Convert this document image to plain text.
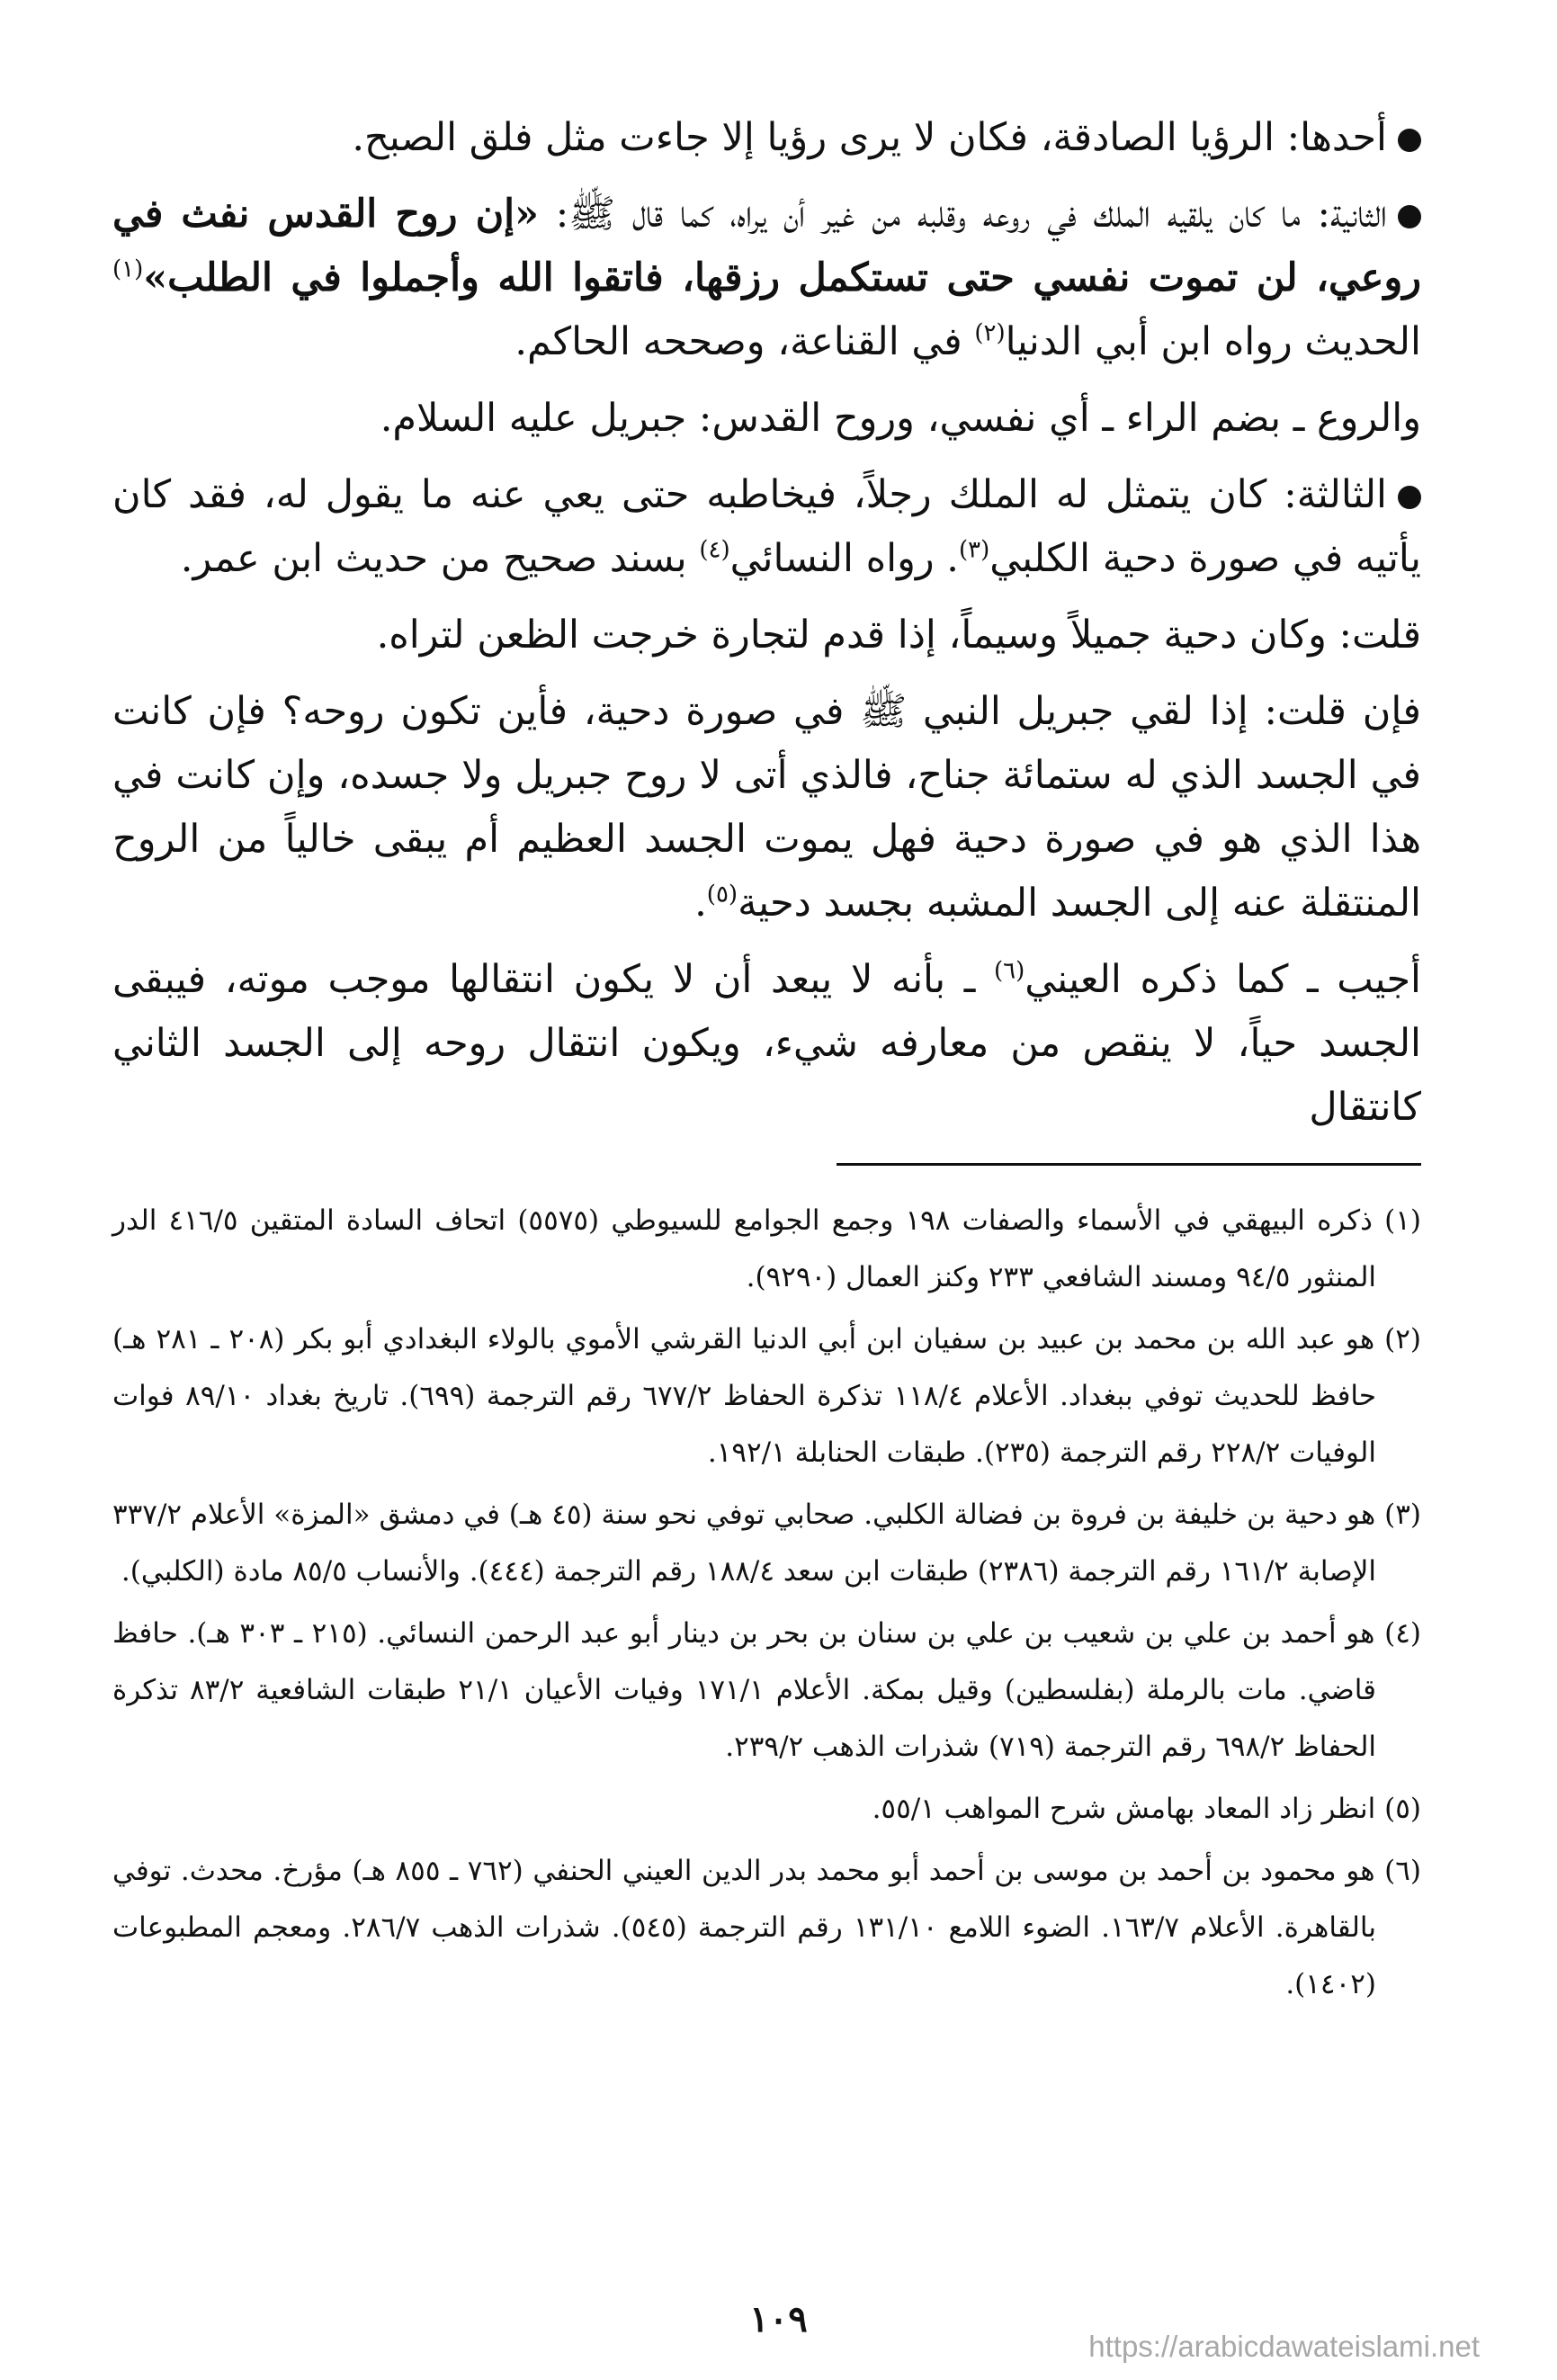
أحدها: الرؤيا الصادقة، فكان لا يرى رؤيا إلا جاءت مثل فلق الصبح.

الثانية: ما كان يلقيه الملك في روعه وقلبه من غير أن يراه، كما قال ﷺ: «إن روح القدس نفث في روعي، لن تموت نفسي حتى تستكمل رزقها، فاتقوا الله وأجملوا في الطلب»$^{(١)}$ الحديث رواه ابن أبي الدنيا$^{(٢)}$ في القناعة، وصححه الحاكم.

والروع ـ بضم الراء ـ أي نفسي، وروح القدس: جبريل عليه السلام.

الثالثة: كان يتمثل له الملك رجلاً، فيخاطبه حتى يعي عنه ما يقول له، فقد كان يأتيه في صورة دحية الكلبي$^{(٣)}$. رواه النسائي$^{(٤)}$ بسند صحيح من حديث ابن عمر.

قلت: وكان دحية جميلاً وسيماً، إذا قدم لتجارة خرجت الظعن لتراه.

فإن قلت: إذا لقي جبريل النبي ﷺ في صورة دحية، فأين تكون روحه؟ فإن كانت في الجسد الذي له ستمائة جناح، فالذي أتى لا روح جبريل ولا جسده، وإن كانت في هذا الذي هو في صورة دحية فهل يموت الجسد العظيم أم يبقى خالياً من الروح المنتقلة عنه إلى الجسد المشبه بجسد دحية$^{(٥)}$.

أجيب ـ كما ذكره العيني$^{(٦)}$ ـ بأنه لا يبعد أن لا يكون انتقالها موجب موته، فيبقى الجسد حياً، لا ينقص من معارفه شيء، ويكون انتقال روحه إلى الجسد الثاني كانتقال

(١) ذكره البيهقي في الأسماء والصفات ١٩٨ وجمع الجوامع للسيوطي (٥٥٧٥) اتحاف السادة المتقين ٤١٦/٥ الدر المنثور ٩٤/٥ ومسند الشافعي ٢٣٣ وكنز العمال (٩٢٩٠).

(٢) هو عبد الله بن محمد بن عبيد بن سفيان ابن أبي الدنيا القرشي الأموي بالولاء البغدادي أبو بكر (٢٠٨ ـ ٢٨١ هـ) حافظ للحديث توفي ببغداد. الأعلام ١١٨/٤ تذكرة الحفاظ ٦٧٧/٢ رقم الترجمة (٦٩٩). تاريخ بغداد ٨٩/١٠ فوات الوفيات ٢٢٨/٢ رقم الترجمة (٢٣٥). طبقات الحنابلة ١٩٢/١.

(٣) هو دحية بن خليفة بن فروة بن فضالة الكلبي. صحابي توفي نحو سنة (٤٥ هـ) في دمشق «المزة» الأعلام ٣٣٧/٢ الإصابة ١٦١/٢ رقم الترجمة (٢٣٨٦) طبقات ابن سعد ١٨٨/٤ رقم الترجمة (٤٤٤). والأنساب ٨٥/٥ مادة (الكلبي).

(٤) هو أحمد بن علي بن شعيب بن علي بن سنان بن بحر بن دينار أبو عبد الرحمن النسائي. (٢١٥ ـ ٣٠٣ هـ). حافظ قاضي. مات بالرملة (بفلسطين) وقيل بمكة. الأعلام ١٧١/١ وفيات الأعيان ٢١/١ طبقات الشافعية ٨٣/٢ تذكرة الحفاظ ٦٩٨/٢ رقم الترجمة (٧١٩) شذرات الذهب ٢٣٩/٢.

(٥) انظر زاد المعاد بهامش شرح المواهب ٥٥/١.

(٦) هو محمود بن أحمد بن موسى بن أحمد أبو محمد بدر الدين العيني الحنفي (٧٦٢ ـ ٨٥٥ هـ) مؤرخ. محدث. توفي بالقاهرة. الأعلام ١٦٣/٧. الضوء اللامع ١٣١/١٠ رقم الترجمة (٥٤٥). شذرات الذهب ٢٨٦/٧. ومعجم المطبوعات (١٤٠٢).

١٠٩
https://arabicdawateislami.net
